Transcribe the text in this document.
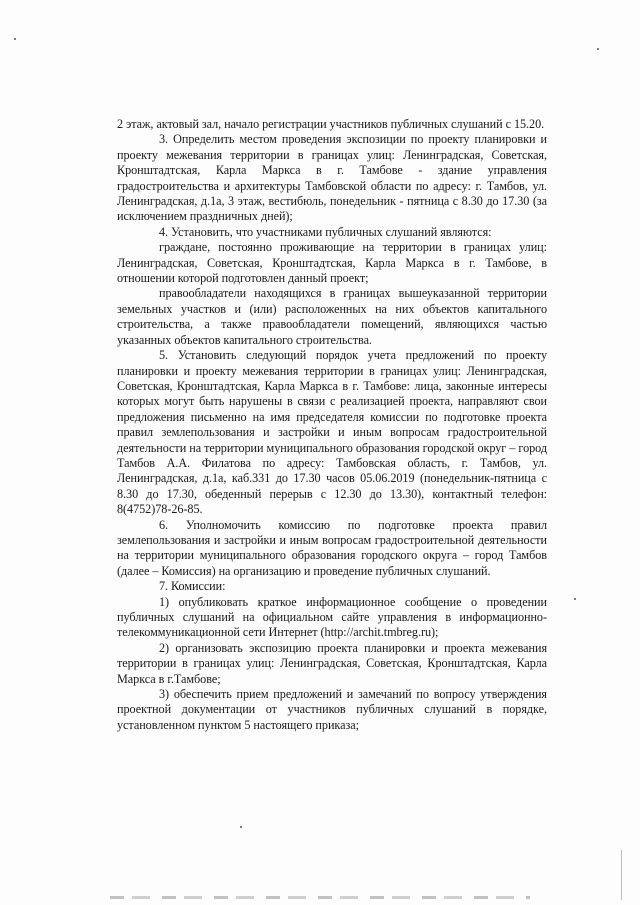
2 этаж, актовый зал, начало регистрации участников публичных слушаний с 15.20.

3. Определить местом проведения экспозиции по проекту планировки и проекту межевания территории в границах улиц: Ленинградская, Советская, Кронштадтская, Карла Маркса в г. Тамбове - здание управления градостроительства и архитектуры Тамбовской области по адресу: г. Тамбов, ул. Ленинградская, д.1а, 3 этаж, вестибюль, понедельник - пятница с 8.30 до 17.30 (за исключением праздничных дней);

4. Установить, что участниками публичных слушаний являются:

граждане, постоянно проживающие на территории в границах улиц: Ленинградская, Советская, Кронштадтская, Карла Маркса в г. Тамбове, в отношении которой подготовлен данный проект;

правообладатели находящихся в границах вышеуказанной территории земельных участков и (или) расположенных на них объектов капитального строительства, а также правообладатели помещений, являющихся частью указанных объектов капитального строительства.

5. Установить следующий порядок учета предложений по проекту планировки и проекту межевания территории в границах улиц: Ленинградская, Советская, Кронштадтская, Карла Маркса в г. Тамбове: лица, законные интересы которых могут быть нарушены в связи с реализацией проекта, направляют свои предложения письменно на имя председателя комиссии по подготовке проекта правил землепользования и застройки и иным вопросам градостроительной деятельности на территории муниципального образования городской округ – город Тамбов А.А. Филатова по адресу: Тамбовская область, г. Тамбов, ул. Ленинградская, д.1а, каб.331 до 17.30 часов 05.06.2019 (понедельник-пятница с 8.30 до 17.30, обеденный перерыв с 12.30 до 13.30), контактный телефон: 8(4752)78-26-85.

6. Уполномочить комиссию по подготовке проекта правил землепользования и застройки и иным вопросам градостроительной деятельности на территории муниципального образования городского округа – город Тамбов (далее – Комиссия) на организацию и проведение публичных слушаний.

7. Комиссии:

1) опубликовать краткое информационное сообщение о проведении публичных слушаний на официальном сайте управления в информационно-телекоммуникационной сети Интернет (http://archit.tmbreg.ru);

2) организовать экспозицию проекта планировки и проекта межевания территории в границах улиц: Ленинградская, Советская, Кронштадтская, Карла Маркса в г.Тамбове;

3) обеспечить прием предложений и замечаний по вопросу утверждения проектной документации от участников публичных слушаний в порядке, установленном пунктом 5 настоящего приказа;
